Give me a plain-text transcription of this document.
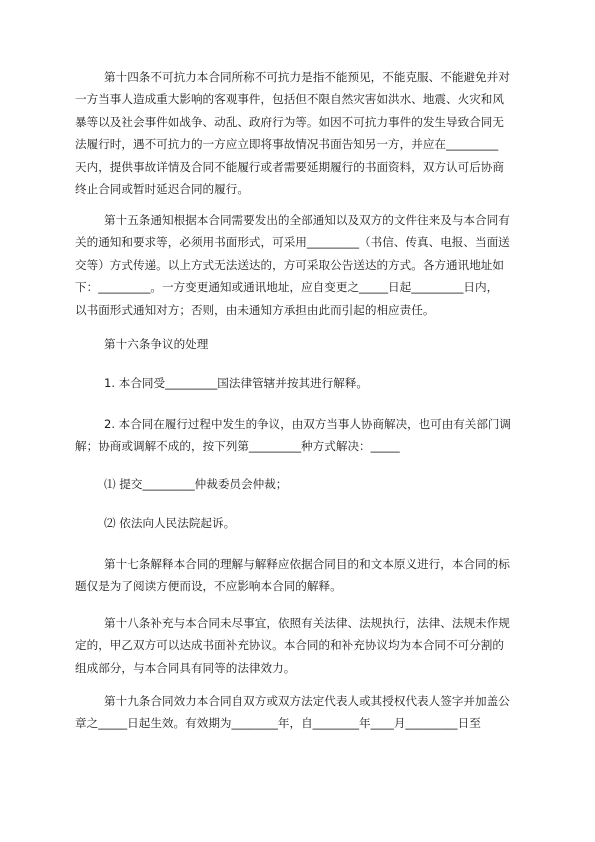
第十四条不可抗力本合同所称不可抗力是指不能预见，不能克服、不能避免并对
一方当事人造成重大影响的客观事件，包括但不限自然灾害如洪水、地震、火灾和风
暴等以及社会事件如战争、动乱、政府行为等。如因不可抗力事件的发生导致合同无
法履行时，遇不可抗力的一方应立即将事故情况书面告知另一方，并应在_________
天内，提供事故详情及合同不能履行或者需要延期履行的书面资料，双方认可后协商
终止合同或暂时延迟合同的履行。
第十五条通知根据本合同需要发出的全部通知以及双方的文件往来及与本合同有
关的通知和要求等，必须用书面形式，可采用_________（书信、传真、电报、当面送
交等）方式传递。以上方式无法送达的，方可采取公告送达的方式。各方通讯地址如
下：_________。一方变更通知或通讯地址，应自变更之_____日起_________日内，
以书面形式通知对方；否则，由未通知方承担由此而引起的相应责任。
第十六条争议的处理
1. 本合同受_________国法律管辖并按其进行解释。
2. 本合同在履行过程中发生的争议，由双方当事人协商解决，也可由有关部门调
解；协商或调解不成的，按下列第_________种方式解决：_____
⑴ 提交_________仲裁委员会仲裁；
⑵ 依法向人民法院起诉。
第十七条解释本合同的理解与解释应依据合同目的和文本原义进行，本合同的标
题仅是为了阅读方便而设，不应影响本合同的解释。
第十八条补充与本合同未尽事宜，依照有关法律、法规执行，法律、法规未作规
定的，甲乙双方可以达成书面补充协议。本合同的和补充协议均为本合同不可分割的
组成部分，与本合同具有同等的法律效力。
第十九条合同效力本合同自双方或双方法定代表人或其授权代表人签字并加盖公
章之_____日起生效。有效期为________年，自________年____月_________日至
